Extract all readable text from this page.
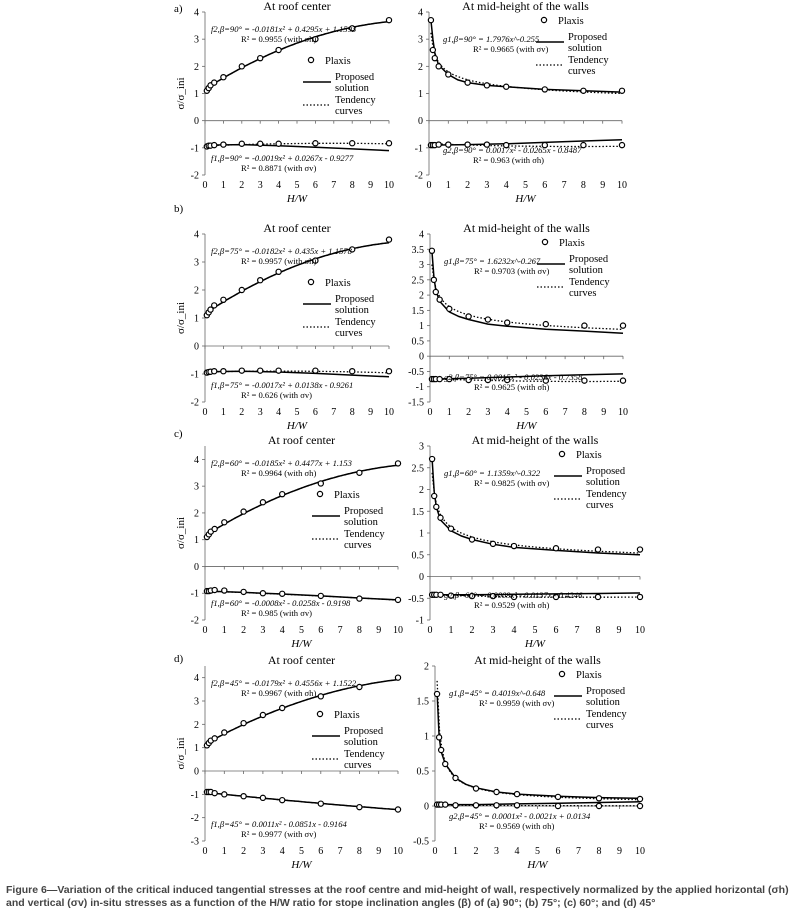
At roof center
a)
-2
-1
0
1
2
3
4
0 1 2 3 4 5 6 7 8 9 10
H/W
σ/σ_ini
Plaxis
Proposed
solution
Tendency
curves
f2,β=90° = -0.0181x² + 0.4295x + 1.1593
R² = 0.9955 (with σh)
f1,β=90° = -0.0019x² + 0.0267x - 0.9277
R² = 0.8871 (with σv)
At mid-height of the walls
-2
-1
0
1
2
3
4
0 1 2 3 4 5 6 7 8 9 10
H/W
Plaxis
Proposed
solution
Tendency
curves
g1,β=90° = 1.7976x^-0.255
R² = 0.9665 (with σv)
g2,β=90° = 0.0017x² - 0.0265x - 0.8487
R² = 0.963 (with σh)
At roof center
b)
-2
-1
0
1
2
3
4
0 1 2 3 4 5 6 7 8 9 10
H/W
σ/σ_ini
Plaxis
Proposed
solution
Tendency
curves
f2,β=75° = -0.0182x² + 0.435x + 1.1578
R² = 0.9957 (with σh)
f1,β=75° = -0.0017x² + 0.0138x - 0.9261
R² = 0.626 (with σv)
At mid-height of the walls
-1.5
-1
-0.5
0
0.5
1
1.5
2
2.5
3
3.5
4
0 1 2 3 4 5 6 7 8 9 10
H/W
Plaxis
Proposed
solution
Tendency
curves
g1,β=75° = 1.6232x^-0.267
R² = 0.9703 (with σv)
g2,β=75° = 0.0015x² - 0.0236x - 0.7358
R² = 0.9625 (with σh)
At roof center
c)
-2
-1
0
1
2
3
4
0 1 2 3 4 5 6 7 8 9 10
H/W
σ/σ_ini
Plaxis
Proposed
solution
Tendency
curves
f2,β=60° = -0.0185x² + 0.4477x + 1.153
R² = 0.9964 (with σh)
f1,β=60° = -0.0008x² - 0.0258x - 0.9198
R² = 0.985 (with σv)
At mid-height of the walls
-1
-0.5
0
0.5
1
1.5
2
2.5
3
0 1 2 3 4 5 6 7 8 9 10
H/W
Plaxis
Proposed
solution
Tendency
curves
g1,β=60° = 1.1359x^-0.322
R² = 0.9825 (with σv)
g2,β=60° = 0.0009x² - 0.0137x - 0.4246
R² = 0.9529 (with σh)
At roof center
d)
-3
-2
-1
0
1
2
3
4
0 1 2 3 4 5 6 7 8 9 10
H/W
σ/σ_ini
Plaxis
Proposed
solution
Tendency
curves
f2,β=45° = -0.0179x² + 0.4556x + 1.1522
R² = 0.9967 (with σh)
f1,β=45° = 0.0011x² - 0.0851x - 0.9164
R² = 0.9977 (with σv)
At mid-height of the walls
-0.5
0
0.5
1
1.5
2
0 1 2 3 4 5 6 7 8 9 10
H/W
Plaxis
Proposed
solution
Tendency
curves
g1,β=45° = 0.4019x^-0.648
R² = 0.9959 (with σv)
g2,β=45° = 0.0001x² - 0.0021x + 0.0134
R² = 0.9569 (with σh)
Figure 6—Variation of the critical induced tangential stresses at the roof centre and mid-height of wall, respectively normalized by the applied horizontal (σh) and vertical (σv) in-situ stresses as a function of the H/W ratio for stope inclination angles (β) of (a) 90°; (b) 75°; (c) 60°; and (d) 45°
